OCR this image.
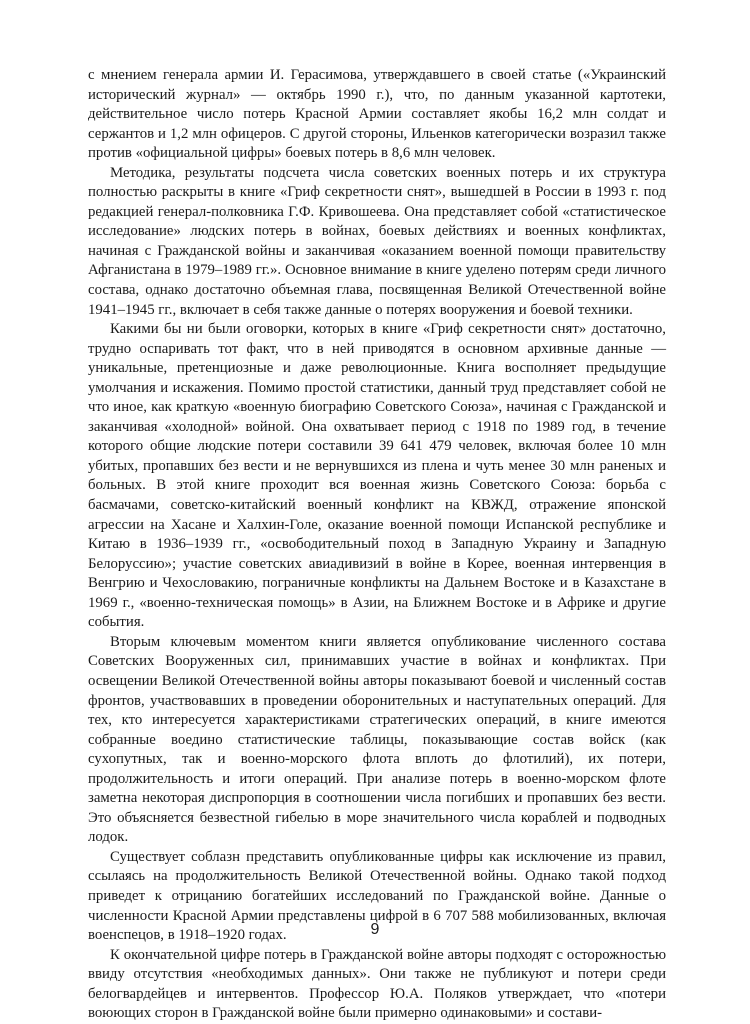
с мнением генерала армии И. Герасимова, утверждавшего в своей статье («Украинский исторический журнал» — октябрь 1990 г.), что, по данным указанной картотеки, действительное число потерь Красной Армии составляет якобы 16,2 млн солдат и сержантов и 1,2 млн офицеров. С другой стороны, Ильенков категорически возразил также против «официальной цифры» боевых потерь в 8,6 млн человек.

Методика, результаты подсчета числа советских военных потерь и их структура полностью раскрыты в книге «Гриф секретности снят», вышедшей в России в 1993 г. под редакцией генерал-полковника Г.Ф. Кривошеева. Она представляет собой «статистическое исследование» людских потерь в войнах, боевых действиях и военных конфликтах, начиная с Гражданской войны и заканчивая «оказанием военной помощи правительству Афганистана в 1979–1989 гг.». Основное внимание в книге уделено потерям среди личного состава, однако достаточно объемная глава, посвященная Великой Отечественной войне 1941–1945 гг., включает в себя также данные о потерях вооружения и боевой техники.

Какими бы ни были оговорки, которых в книге «Гриф секретности снят» достаточно, трудно оспаривать тот факт, что в ней приводятся в основном архивные данные — уникальные, претенциозные и даже революционные. Книга восполняет предыдущие умолчания и искажения. Помимо простой статистики, данный труд представляет собой не что иное, как краткую «военную биографию Советского Союза», начиная с Гражданской и заканчивая «холодной» войной. Она охватывает период с 1918 по 1989 год, в течение которого общие людские потери составили 39 641 479 человек, включая более 10 млн убитых, пропавших без вести и не вернувшихся из плена и чуть менее 30 млн раненых и больных. В этой книге проходит вся военная жизнь Советского Союза: борьба с басмачами, советско-китайский военный конфликт на КВЖД, отражение японской агрессии на Хасане и Халхин-Голе, оказание военной помощи Испанской республике и Китаю в 1936–1939 гг., «освободительный поход в Западную Украину и Западную Белоруссию»; участие советских авиадивизий в войне в Корее, военная интервенция в Венгрию и Чехословакию, пограничные конфликты на Дальнем Востоке и в Казахстане в 1969 г., «военно-техническая помощь» в Азии, на Ближнем Востоке и в Африке и другие события.

Вторым ключевым моментом книги является опубликование численного состава Советских Вооруженных сил, принимавших участие в войнах и конфликтах. При освещении Великой Отечественной войны авторы показывают боевой и численный состав фронтов, участвовавших в проведении оборонительных и наступательных операций. Для тех, кто интересуется характеристиками стратегических операций, в книге имеются собранные воедино статистические таблицы, показывающие состав войск (как сухопутных, так и военно-морского флота вплоть до флотилий), их потери, продолжительность и итоги операций. При анализе потерь в военно-морском флоте заметна некоторая диспропорция в соотношении числа погибших и пропавших без вести. Это объясняется безвестной гибелью в море значительного числа кораблей и подводных лодок.

Существует соблазн представить опубликованные цифры как исключение из правил, ссылаясь на продолжительность Великой Отечественной войны. Однако такой подход приведет к отрицанию богатейших исследований по Гражданской войне. Данные о численности Красной Армии представлены цифрой в 6 707 588 мобилизованных, включая военспецов, в 1918–1920 годах.

К окончательной цифре потерь в Гражданской войне авторы подходят с осторожностью ввиду отсутствия «необходимых данных». Они также не публикуют и потери среди белогвардейцев и интервентов. Профессор Ю.А. Поляков утверждает, что «потери воюющих сторон в Гражданской войне были примерно одинаковыми» и состави-

9
